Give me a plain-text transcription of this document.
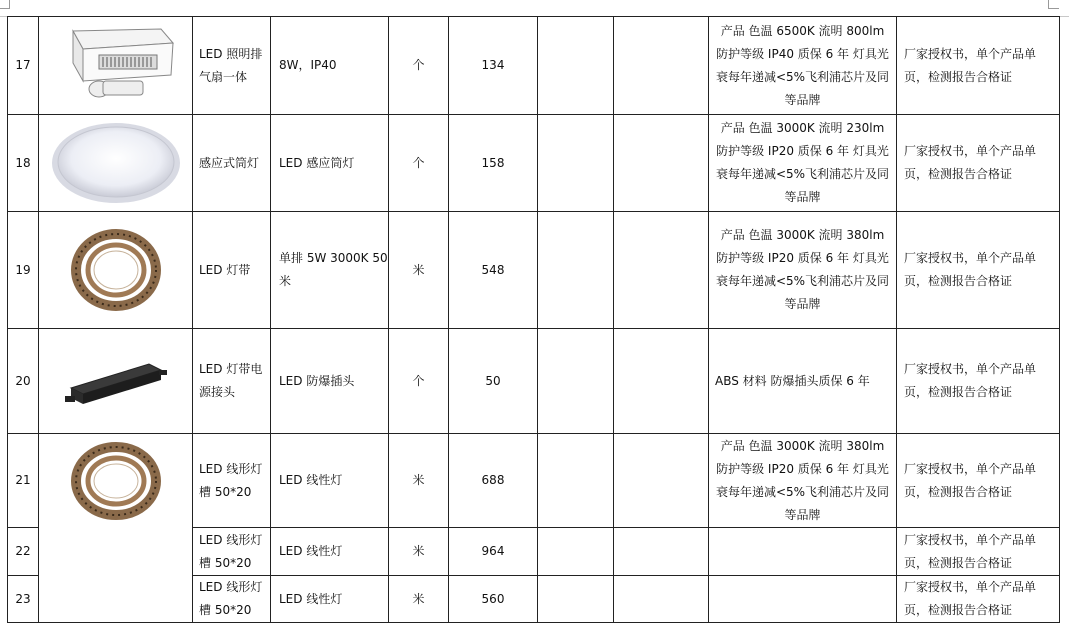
17		LED 照明排气扇一体	8W，IP40	个	134			产品 色温 6500K 流明 800lm 防护等级 IP40 质保 6 年 灯具光衰每年递减<5%飞利浦芯片及同等品牌	厂家授权书，单个产品单页，检测报告合格证
18		感应式筒灯	LED 感应筒灯	个	158			产品 色温 3000K 流明 230lm 防护等级 IP20 质保 6 年 灯具光衰每年递减<5%飞利浦芯片及同等品牌	厂家授权书，单个产品单页，检测报告合格证
19		LED 灯带	单排 5W 3000K 50 米	米	548			产品 色温 3000K 流明 380lm 防护等级 IP20 质保 6 年 灯具光衰每年递减<5%飞利浦芯片及同等品牌	厂家授权书，单个产品单页，检测报告合格证
20		LED 灯带电源接头	LED 防爆插头	个	50			ABS 材料 防爆插头质保 6 年	厂家授权书，单个产品单页，检测报告合格证
21		LED 线形灯槽 50*20	LED 线性灯	米	688			产品 色温 3000K 流明 380lm 防护等级 IP20 质保 6 年 灯具光衰每年递减<5%飞利浦芯片及同等品牌	厂家授权书，单个产品单页，检测报告合格证
22		LED 线形灯槽 50*20	LED 线性灯	米	964				厂家授权书，单个产品单页，检测报告合格证
23		LED 线形灯槽 50*20	LED 线性灯	米	560				厂家授权书，单个产品单页，检测报告合格证
